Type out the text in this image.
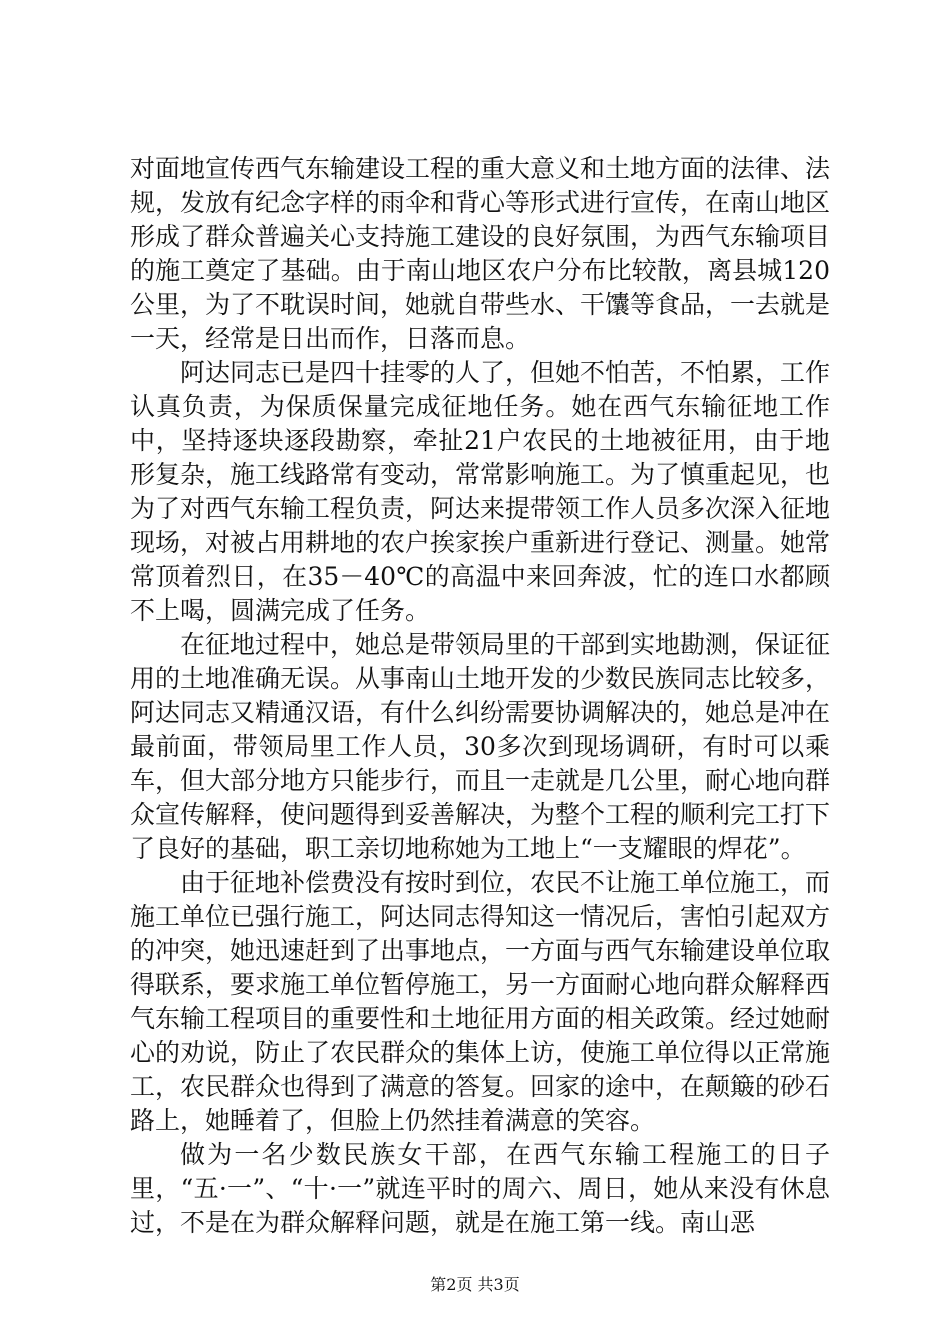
对面地宣传西气东输建设工程的重大意义和土地方面的法律、法规，发放有纪念字样的雨伞和背心等形式进行宣传，在南山地区形成了群众普遍关心支持施工建设的良好氛围，为西气东输项目的施工奠定了基础。由于南山地区农户分布比较散，离县城120公里，为了不耽误时间，她就自带些水、干馕等食品，一去就是一天，经常是日出而作，日落而息。

阿达同志已是四十挂零的人了，但她不怕苦，不怕累，工作认真负责，为保质保量完成征地任务。她在西气东输征地工作中，坚持逐块逐段勘察，牵扯21户农民的土地被征用，由于地形复杂，施工线路常有变动，常常影响施工。为了慎重起见，也为了对西气东输工程负责，阿达来提带领工作人员多次深入征地现场，对被占用耕地的农户挨家挨户重新进行登记、测量。她常常顶着烈日，在35－40℃的高温中来回奔波，忙的连口水都顾不上喝，圆满完成了任务。

在征地过程中，她总是带领局里的干部到实地勘测，保证征用的土地准确无误。从事南山土地开发的少数民族同志比较多，阿达同志又精通汉语，有什么纠纷需要协调解决的，她总是冲在最前面，带领局里工作人员，30多次到现场调研，有时可以乘车，但大部分地方只能步行，而且一走就是几公里，耐心地向群众宣传解释，使问题得到妥善解决，为整个工程的顺利完工打下了良好的基础，职工亲切地称她为工地上“一支耀眼的焊花”。

由于征地补偿费没有按时到位，农民不让施工单位施工，而施工单位已强行施工，阿达同志得知这一情况后，害怕引起双方的冲突，她迅速赶到了出事地点，一方面与西气东输建设单位取得联系，要求施工单位暂停施工，另一方面耐心地向群众解释西气东输工程项目的重要性和土地征用方面的相关政策。经过她耐心的劝说，防止了农民群众的集体上访，使施工单位得以正常施工，农民群众也得到了满意的答复。回家的途中，在颠簸的砂石路上，她睡着了，但脸上仍然挂着满意的笑容。

做为一名少数民族女干部，在西气东输工程施工的日子里，“五·一”、“十·一”就连平时的周六、周日，她从来没有休息过，不是在为群众解释问题，就是在施工第一线。南山恶

第2页 共3页
